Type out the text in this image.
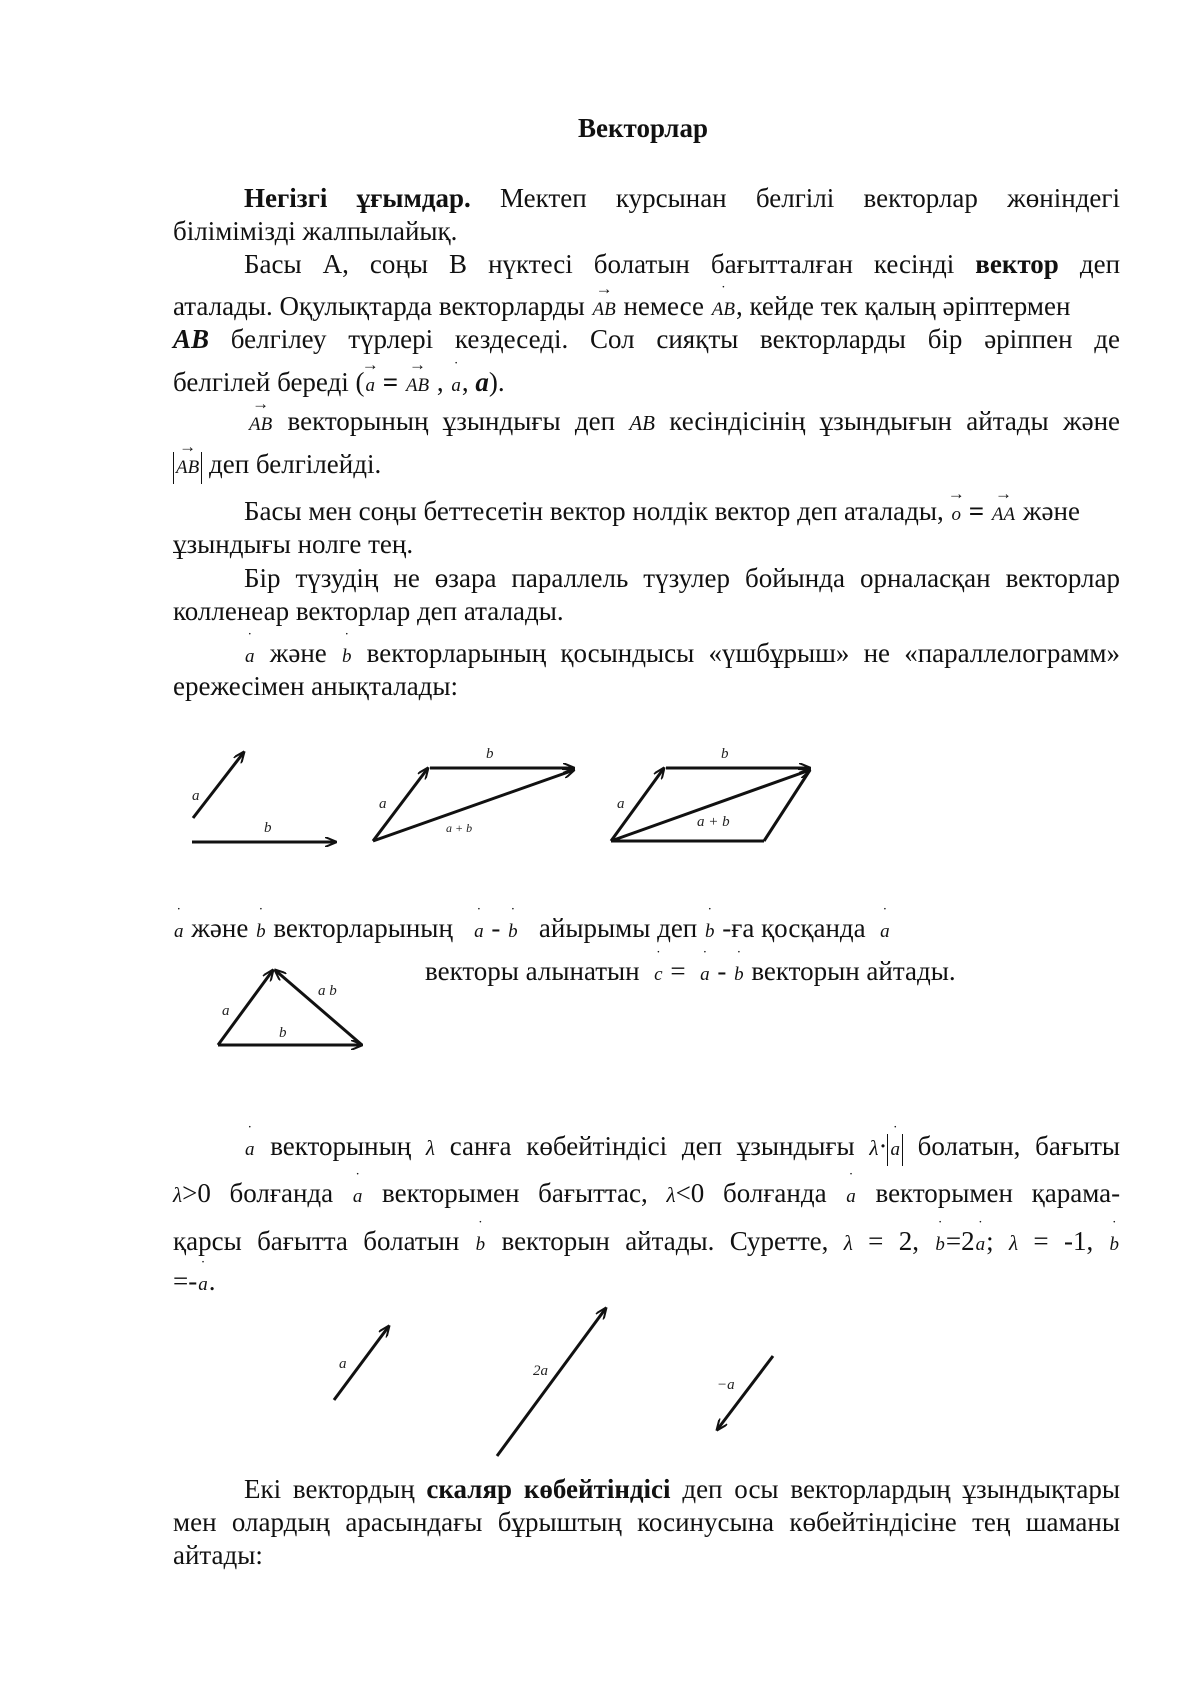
Векторлар
Негізгі ұғымдар. Мектеп курсынан белгілі векторлар жөніндегі
білімімізді жалпылайық.
Басы А, соңы В нүктесі болатын бағытталған кесінді вектор деп
аталады. Оқулықтарда векторларды → AB немесе ˙ AB, кейде тек қалың әріптермен
AB белгілеу түрлері кездеседі. Сол сияқты векторларды бір әріппен де
белгілей береді (→ a = → AB , ˙ a, a).
→ AB векторының ұзындығы деп AB кесіндісінің ұзындығын айтады және
→ AB деп белгілейді.
Басы мен соңы беттесетін вектор нолдік вектор деп аталады, → o = → AA және
ұзындығы нолге тең.
Бір түзудің не өзара параллель түзулер бойында орналасқан векторлар
колленеар векторлар деп аталады.
˙ a және ˙ b векторларының қосындысы «үшбұрыш» не «параллелограмм»
ережесімен анықталады:
˙ a және ˙ b векторларының ˙ a - ˙ b айырымы деп ˙ b -ға қосқанда ˙ a
векторы алынатын ˙ c = ˙ a - ˙ b векторын айтады.
˙ a векторының λ санға көбейтіндісі деп ұзындығы λ· ˙ a болатын, бағыты
λ>0 болғанда ˙ a векторымен бағыттас, λ<0 болғанда ˙ a векторымен қарама-
қарсы бағытта болатын ˙ b векторын айтады. Суретте, λ = 2, ˙ b=2˙ a; λ = -1, ˙ b
=-˙ a.
Екі вектордың скаляр көбейтіндісі деп осы векторлардың ұзындықтары
мен олардың арасындағы бұрыштың косинусына көбейтіндісіне тең шаманы
айтады:
a
b
a
b
a + b
a
b
a + b
a
b
a b
a	2a
−a
